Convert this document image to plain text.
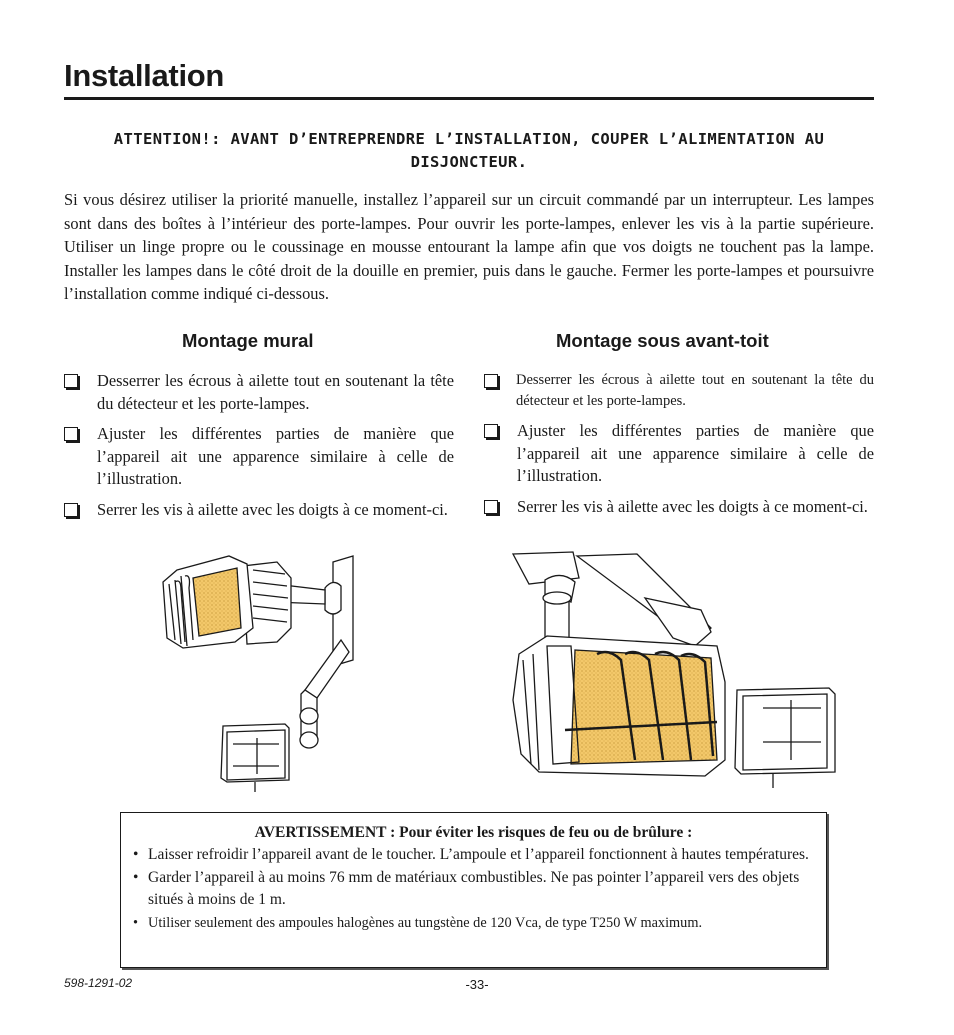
Installation
ATTENTION!: AVANT D’ENTREPRENDRE L’INSTALLATION, COUPER L’ALIMENTATION AU DISJONCTEUR.
Si vous désirez utiliser la priorité manuelle, installez l’appareil sur un circuit commandé par un interrupteur. Les lampes sont dans des boîtes à l’intérieur des porte-lampes. Pour ouvrir les porte-lampes, enlever les vis à la partie supérieure. Utiliser un linge propre ou le coussinage en mousse entourant la lampe afin que vos doigts ne touchent pas la lampe. Installer les lampes dans le côté droit de la douille en premier, puis dans le gauche. Fermer les porte-lampes et poursuivre l’installation comme indiqué ci-dessous.
Montage mural
Desserrer les écrous à ailette tout en soutenant la tête du détecteur et les porte-lampes.
Ajuster les différentes parties de manière que l’appareil ait une apparence similaire à celle de l’illustration.
Serrer les vis à ailette avec les doigts à ce moment-ci.
Montage sous avant-toit
Desserrer les écrous à ailette tout en soutenant la tête du détecteur et les porte-lampes.
Ajuster les différentes parties de manière que l’appareil ait une apparence similaire à celle de l’illustration.
Serrer les vis à ailette avec les doigts à ce moment-ci.
AVERTISSEMENT : Pour éviter les risques de feu ou de brûlure :
• Laisser refroidir l’appareil avant de le toucher. L’ampoule et l’appareil fonctionnent à hautes températures.
• Garder l’appareil à au moins 76 mm de matériaux combustibles. Ne pas pointer l’appareil vers des objets situés à moins de 1 m.
• Utiliser seulement des ampoules halogènes au tungstène de 120 Vca, de type T250 W maximum.
598-1291-02	-33-
